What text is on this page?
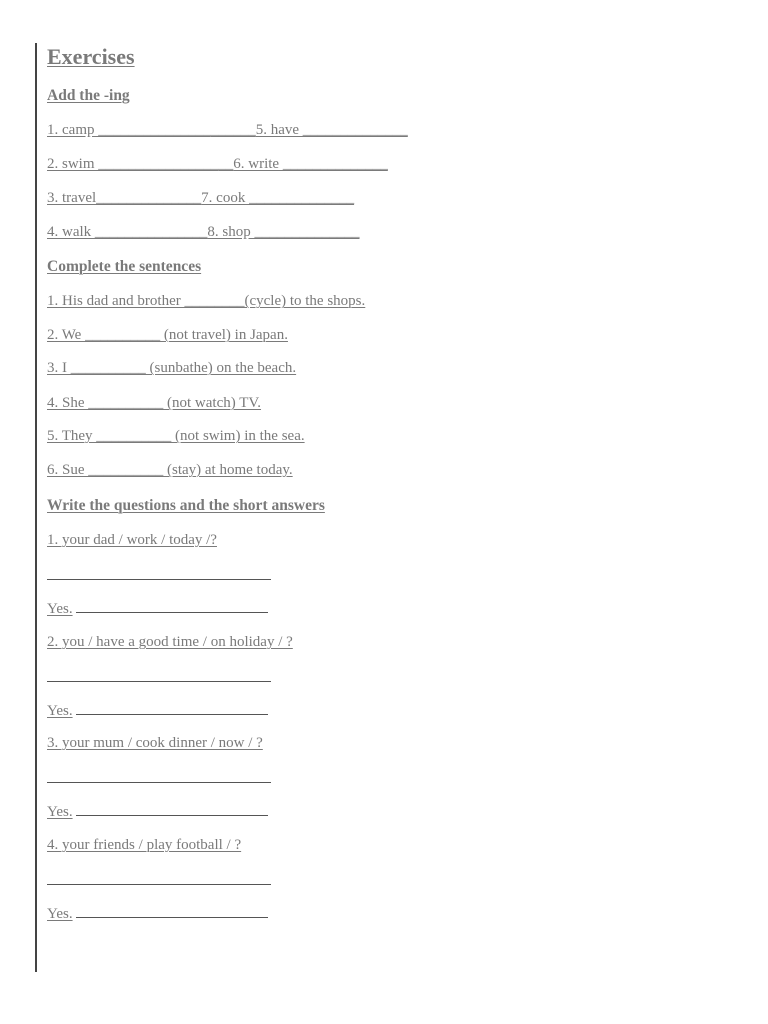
Exercises
Add the -ing
1. camp _____________________5. have ______________
2. swim __________________6. write ______________
3. travel______________7. cook ______________
4. walk _______________8. shop ______________
Complete the sentences
1. His dad and brother ________(cycle) to the shops.
2. We __________ (not travel) in Japan.
3. I __________ (sunbathe) on the beach.
4. She __________ (not watch) TV.
5. They __________ (not swim) in the sea.
6. Sue __________ (stay) at home today.
Write the questions and the short answers
1. your dad / work / today /?
Yes.
2. you / have a good time / on holiday / ?
Yes.
3. your mum / cook dinner / now / ?
Yes.
4. your friends / play football / ?
Yes.
